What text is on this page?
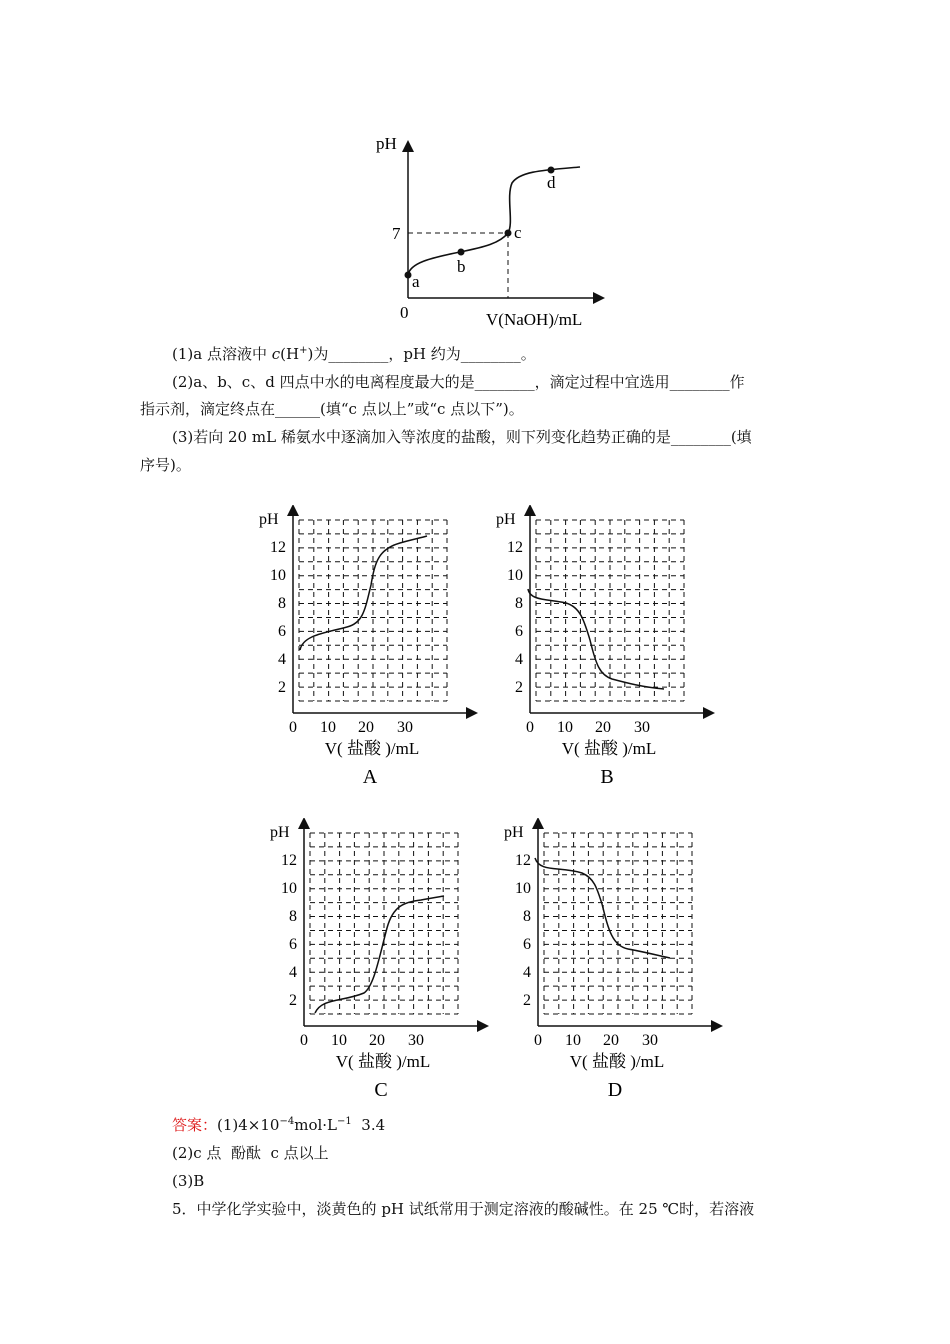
pH
V(NaOH)/mL
0
7
a
b
c
d
(1)a 点溶液中 c(H+)为________，pH 约为________。
(2)a、b、c、d 四点中水的电离程度最大的是________，滴定过程中宜选用________作
指示剂，滴定终点在______(填“c 点以上”或“c 点以下”)。
(3)若向 20 mL 稀氨水中逐滴加入等浓度的盐酸，则下列变化趋势正确的是________(填
序号)。
pH
12
10
8
6
4
2
0 10 20 30
V( 盐酸 )/mL
A
pH
12
10
8
6
4
2
0 10 20 30
V( 盐酸 )/mL
B
pH
12
10
8
6
4
2
0 10 20 30
V( 盐酸 )/mL
C
pH
12
10
8
6
4
2
0 10 20 30
V( 盐酸 )/mL
D
答案：$(1)4\times 10^{-4}mol\cdot L^{-1}$  3.4
(2)c 点  酚酞  c 点以上
(3)B
5．中学化学实验中，淡黄色的 pH 试纸常用于测定溶液的酸碱性。在 25 ℃时，若溶液
